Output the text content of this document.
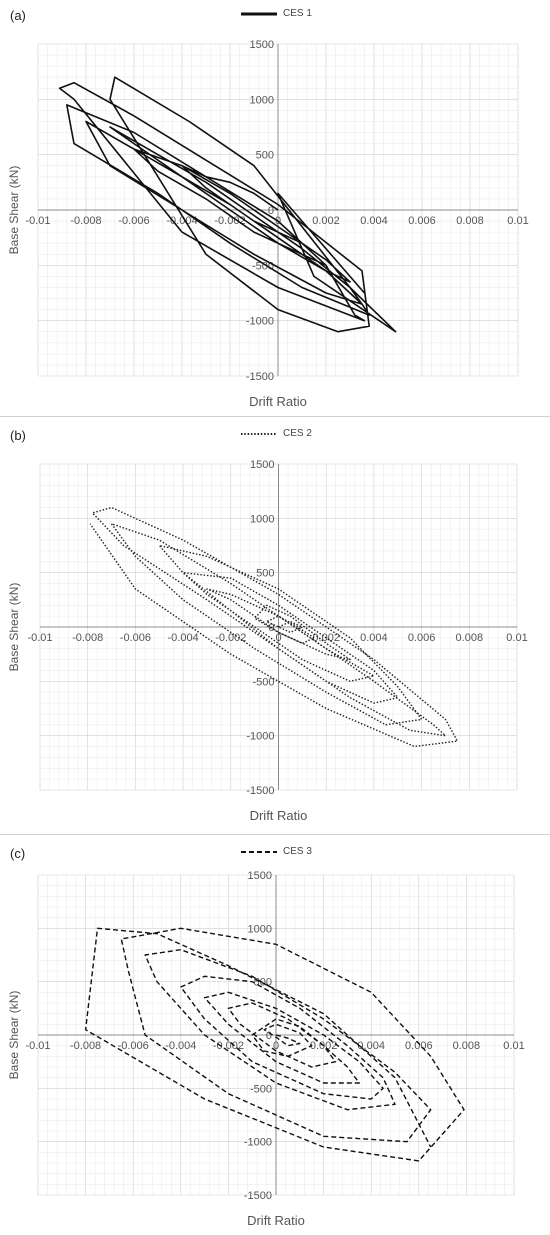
(a)	CES 1
1500
1000
500
0
-500
-1000
-1500
-0.01 -0.008 -0.006 -0.004 -0.002	0	0.002 0.004 0.006 0.008 0.01
Drift Ratio
Base Shear (kN)
(b)	CES 2
1500
1000
500
0
-500
-1000
-1500
-0.01 -0.008 -0.006 -0.004 -0.002	0	0.002 0.004 0.006 0.008 0.01
Drift Ratio
Base Shear (kN)
(c)	CES 3
1500
1000
500
0
-500
-1000
-1500
-0.01 -0.008 -0.006 -0.004 -0.002	0	0.002 0.004 0.006 0.008 0.01
Drift Ratio
Base Shear (kN)
